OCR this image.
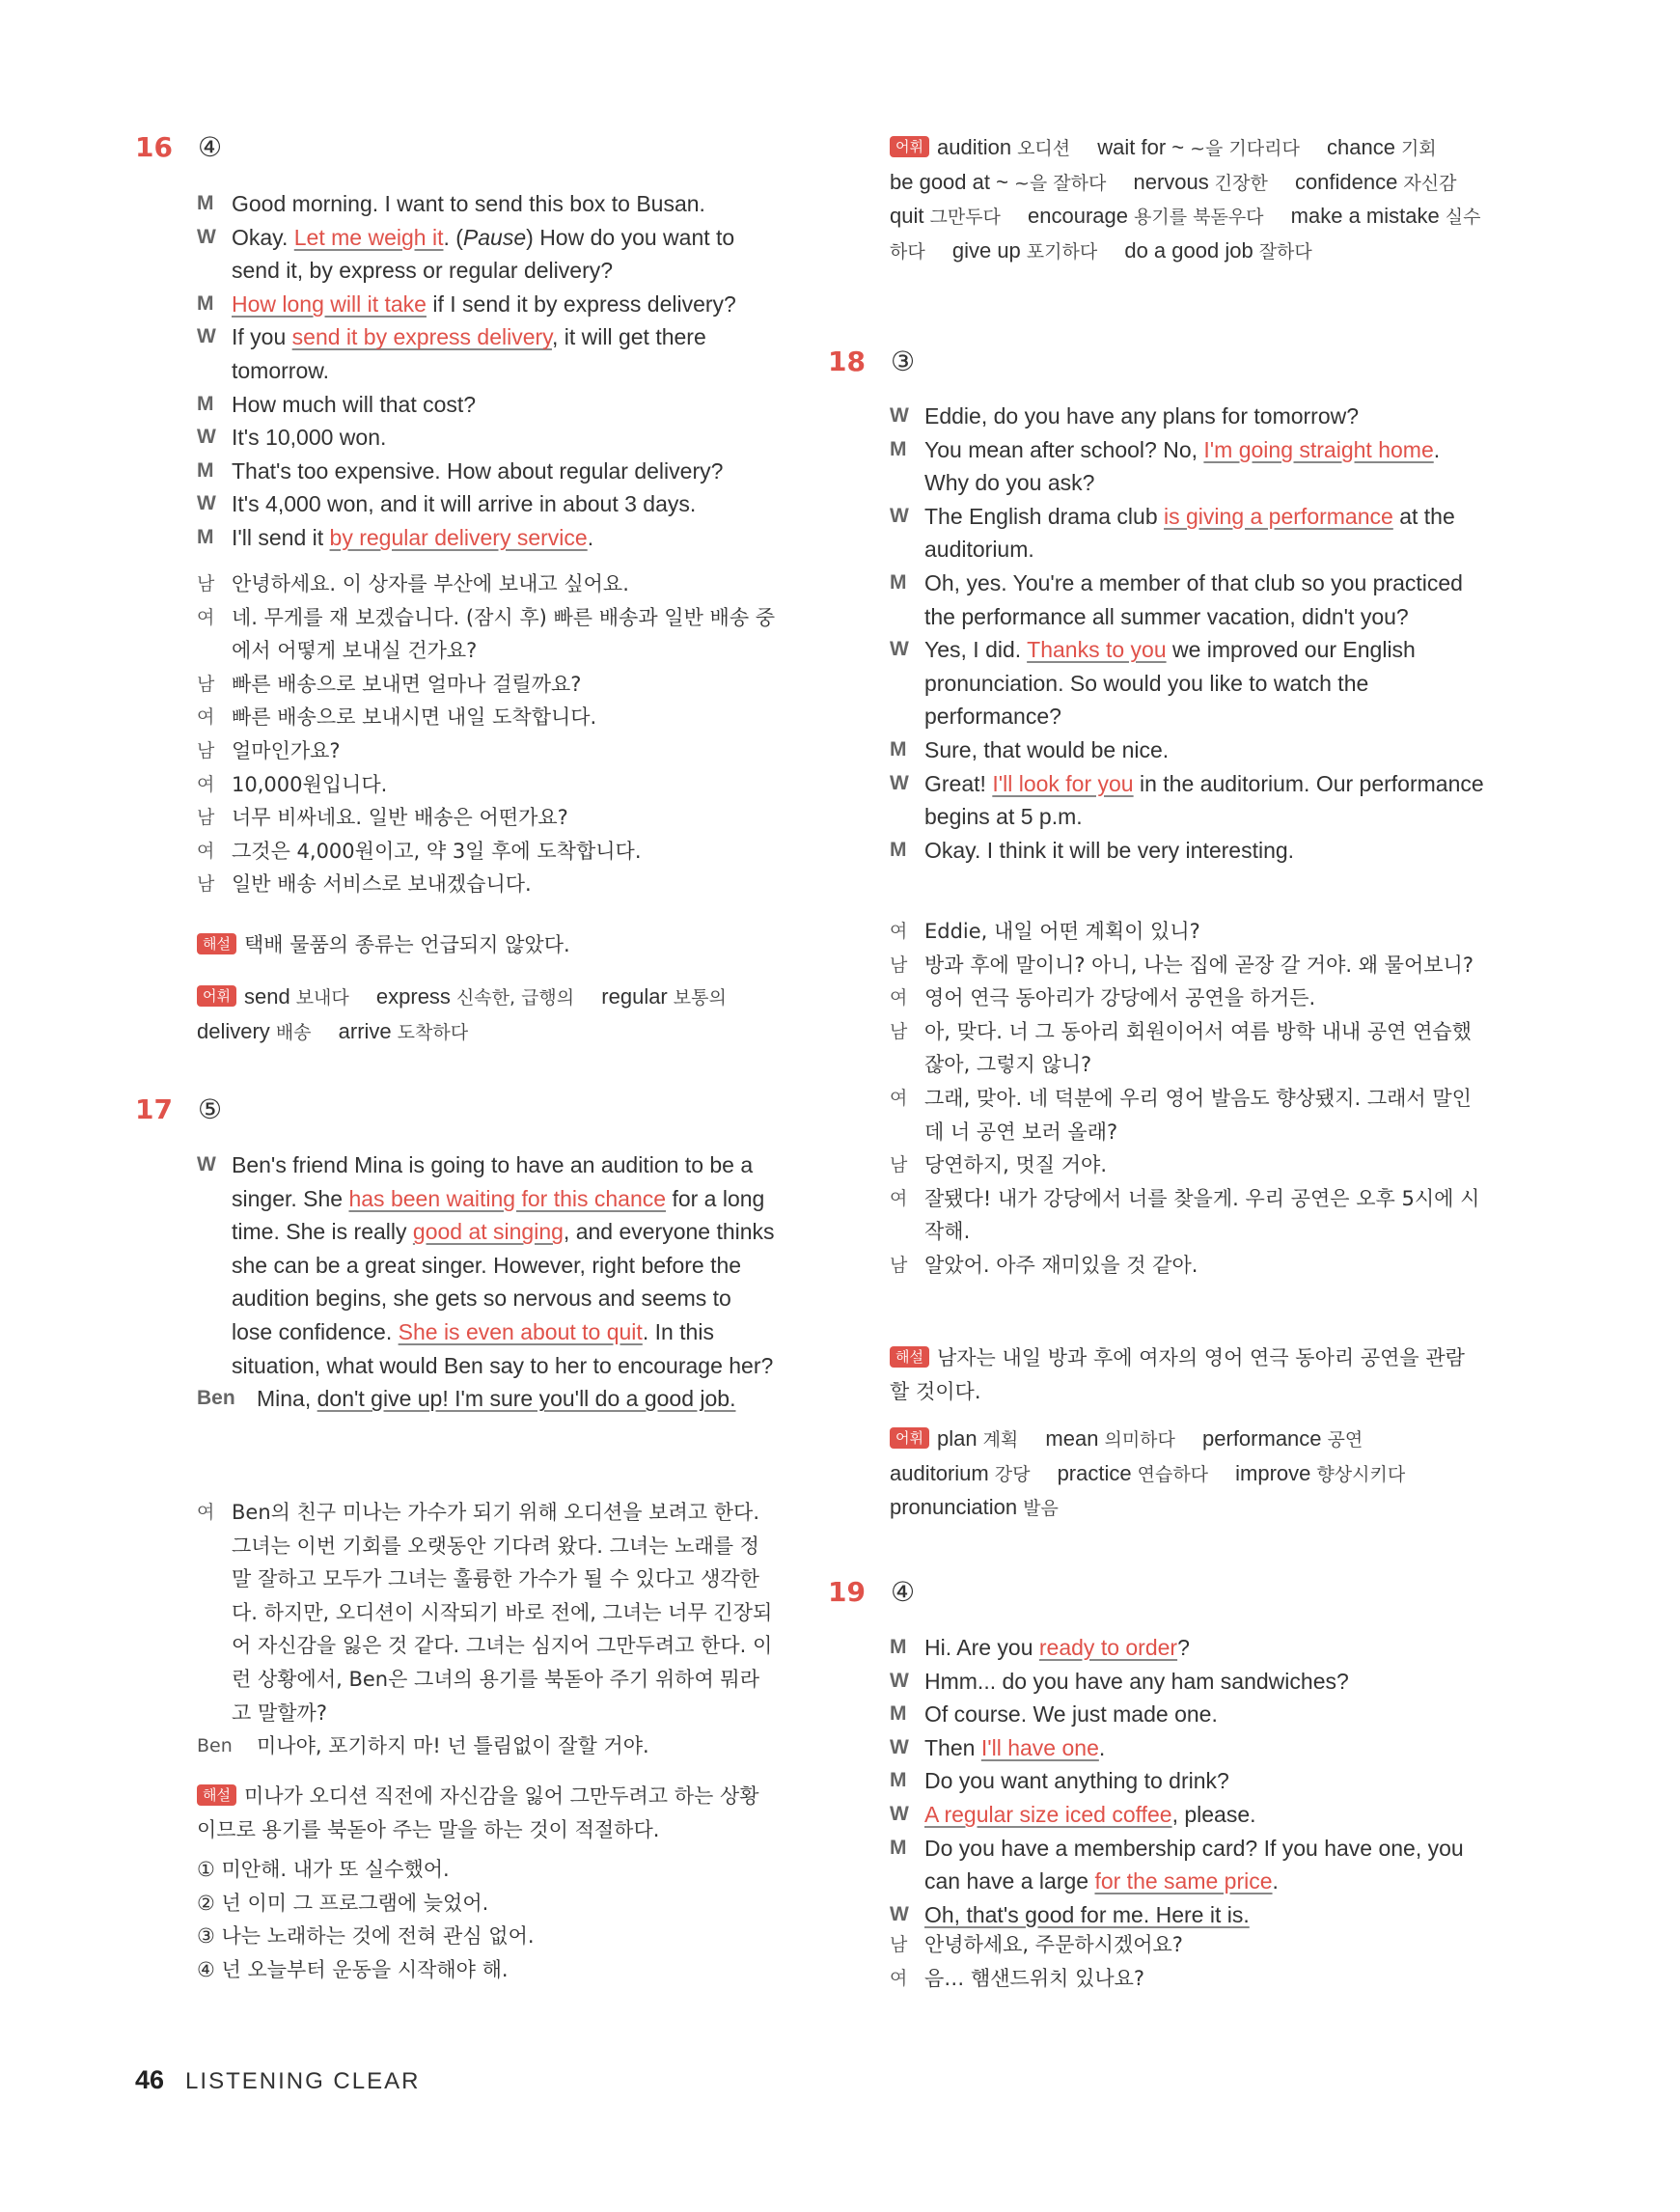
16 ④
M Good morning. I want to send this box to Busan.
W Okay. Let me weigh it. (Pause) How do you want to send it, by express or regular delivery?
M How long will it take if I send it by express delivery?
W If you send it by express delivery, it will get there tomorrow.
M How much will that cost?
W It's 10,000 won.
M That's too expensive. How about regular delivery?
W It's 4,000 won, and it will arrive in about 3 days.
M I'll send it by regular delivery service.
남 안녕하세요. 이 상자를 부산에 보내고 싶어요.
여 네. 무게를 재 보겠습니다. (잠시 후) 빠른 배송과 일반 배송 중에서 어떻게 보내실 건가요?
남 빠른 배송으로 보내면 얼마나 걸릴까요?
여 빠른 배송으로 보내시면 내일 도착합니다.
남 얼마인가요?
여 10,000원입니다.
남 너무 비싸네요. 일반 배송은 어떤가요?
여 그것은 4,000원이고, 약 3일 후에 도착합니다.
남 일반 배송 서비스로 보내겠습니다.
해설 택배 물품의 종류는 언급되지 않았다.
어휘 send 보내다 express 신속한, 급행의 regular 보통의 delivery 배송 arrive 도착하다
17 ⑤
W Ben's friend Mina is going to have an audition to be a singer. She has been waiting for this chance for a long time. She is really good at singing, and everyone thinks she can be a great singer. However, right before the audition begins, she gets so nervous and seems to lose confidence. She is even about to quit. In this situation, what would Ben say to her to encourage her?
Ben Mina, don't give up! I'm sure you'll do a good job.
여 Ben의 친구 미나는 가수가 되기 위해 오디션을 보려고 한다. 그녀는 이번 기회를 오랫동안 기다려 왔다. 그녀는 노래를 정말 잘하고 모두가 그녀는 훌륭한 가수가 될 수 있다고 생각한다. 하지만, 오디션이 시작되기 바로 전에, 그녀는 너무 긴장되어 자신감을 잃은 것 같다. 그녀는 심지어 그만두려고 한다. 이런 상황에서, Ben은 그녀의 용기를 북돋아 주기 위하여 뭐라고 말할까?
Ben	미나야, 포기하지 마! 넌 틀림없이 잘할 거야.
해설 미나가 오디션 직전에 자신감을 잃어 그만두려고 하는 상황이므로 용기를 북돋아 주는 말을 하는 것이 적절하다.
① 미안해. 내가 또 실수했어.
② 넌 이미 그 프로그램에 늦었어.
③ 나는 노래하는 것에 전혀 관심 없어.
④ 넌 오늘부터 운동을 시작해야 해.
어휘 audition 오디션 wait for ~ ~을 기다리다 chance 기회 be good at ~ ~을 잘하다 nervous 긴장한 confidence 자신감 quit 그만두다 encourage 용기를 북돋우다 make a mistake 실수하다 give up 포기하다 do a good job 잘하다
18 ③
W Eddie, do you have any plans for tomorrow?
M You mean after school? No, I'm going straight home. Why do you ask?
W The English drama club is giving a performance at the auditorium.
M Oh, yes. You're a member of that club so you practiced the performance all summer vacation, didn't you?
W Yes, I did. Thanks to you we improved our English pronunciation. So would you like to watch the performance?
M Sure, that would be nice.
W Great! I'll look for you in the auditorium. Our performance begins at 5 p.m.
M Okay. I think it will be very interesting.
여 Eddie, 내일 어떤 계획이 있니?
남 방과 후에 말이니? 아니, 나는 집에 곧장 갈 거야. 왜 물어보니?
여 영어 연극 동아리가 강당에서 공연을 하거든.
남 아, 맞다. 너 그 동아리 회원이어서 여름 방학 내내 공연 연습했잖아, 그렇지 않니?
여 그래, 맞아. 네 덕분에 우리 영어 발음도 향상됐지. 그래서 말인데 너 공연 보러 올래?
남 당연하지, 멋질 거야.
여 잘됐다! 내가 강당에서 너를 찾을게. 우리 공연은 오후 5시에 시작해.
남 알았어. 아주 재미있을 것 같아.
해설 남자는 내일 방과 후에 여자의 영어 연극 동아리 공연을 관람할 것이다.
어휘 plan 계획 mean 의미하다 performance 공연 auditorium 강당 practice 연습하다 improve 향상시키다 pronunciation 발음
19 ④
M Hi. Are you ready to order?
W Hmm... do you have any ham sandwiches?
M Of course. We just made one.
W Then I'll have one.
M Do you want anything to drink?
W A regular size iced coffee, please.
M Do you have a membership card? If you have one, you can have a large for the same price.
W Oh, that's good for me. Here it is.
남 안녕하세요, 주문하시겠어요?
여 음… 햄샌드위치 있나요?
46 LISTENING CLEAR
